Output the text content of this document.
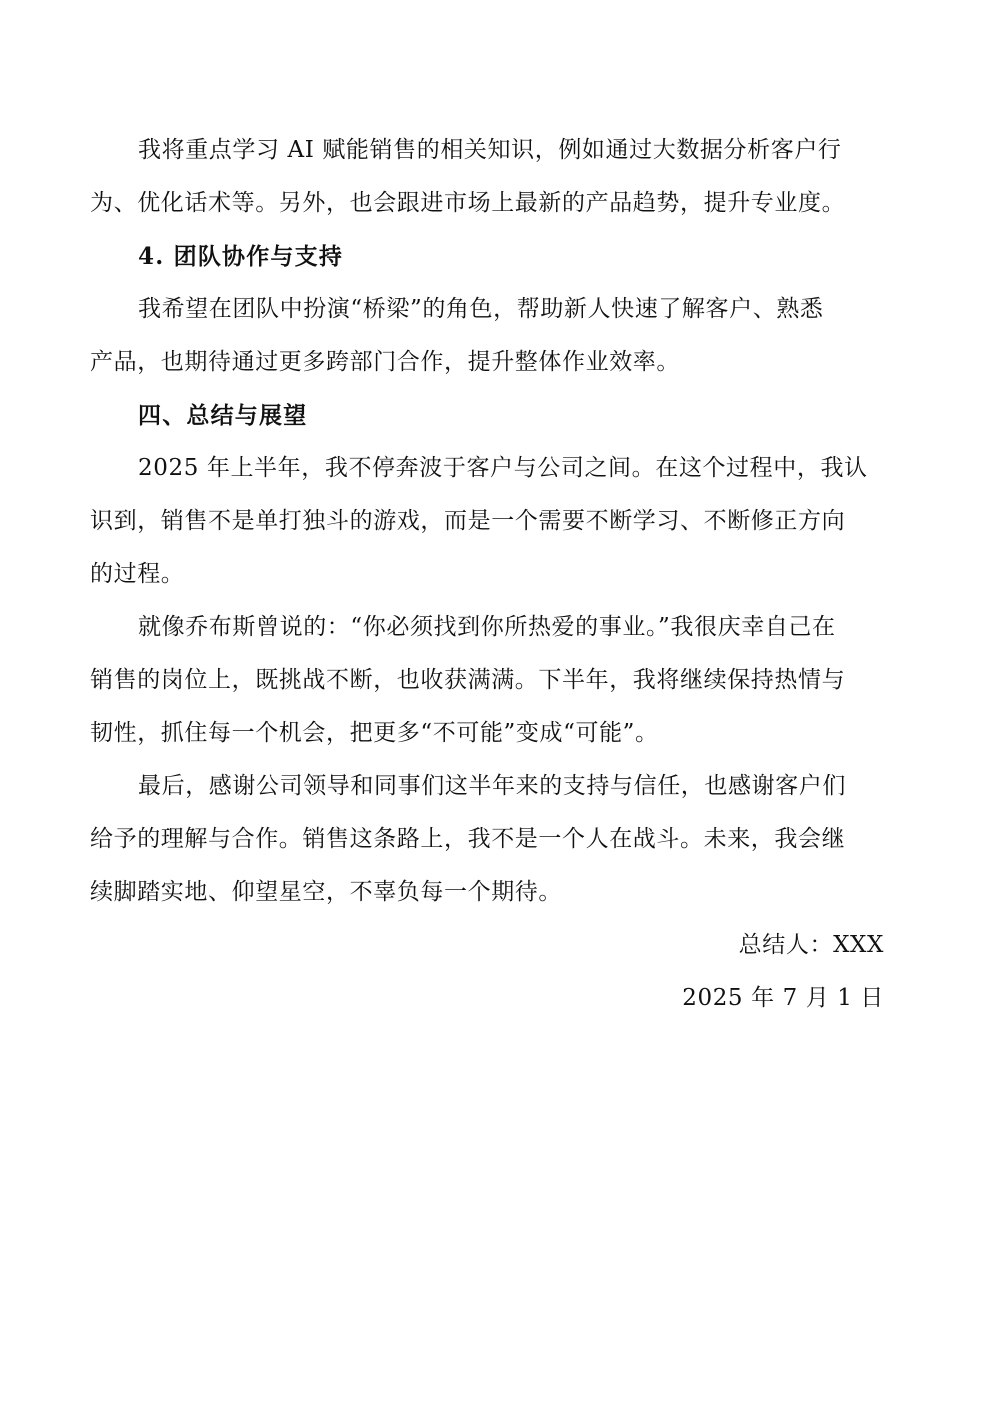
我将重点学习 AI 赋能销售的相关知识，例如通过大数据分析客户行
为、优化话术等。另外，也会跟进市场上最新的产品趋势，提升专业度。
4. 团队协作与支持
我希望在团队中扮演“桥梁”的角色，帮助新人快速了解客户、熟悉
产品，也期待通过更多跨部门合作，提升整体作业效率。
四、总结与展望
2025 年上半年，我不停奔波于客户与公司之间。在这个过程中，我认
识到，销售不是单打独斗的游戏，而是一个需要不断学习、不断修正方向
的过程。
就像乔布斯曾说的：“你必须找到你所热爱的事业。”我很庆幸自己在
销售的岗位上，既挑战不断，也收获满满。下半年，我将继续保持热情与
韧性，抓住每一个机会，把更多“不可能”变成“可能”。
最后，感谢公司领导和同事们这半年来的支持与信任，也感谢客户们
给予的理解与合作。销售这条路上，我不是一个人在战斗。未来，我会继
续脚踏实地、仰望星空，不辜负每一个期待。
总结人：XXX
2025 年 7 月 1 日
